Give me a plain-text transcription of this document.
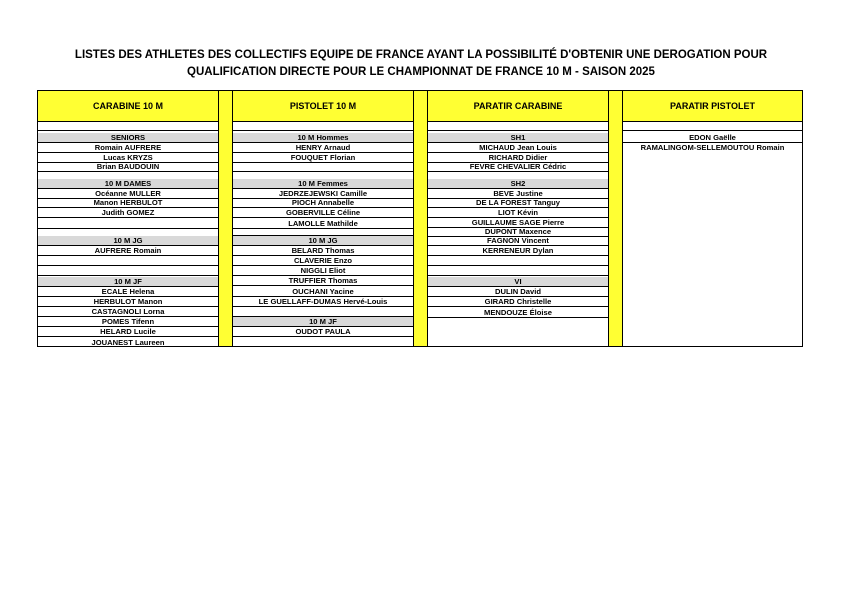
LISTES DES ATHLETES DES COLLECTIFS EQUIPE DE FRANCE AYANT LA POSSIBILITÉ D'OBTENIR UNE DEROGATION POUR
QUALIFICATION DIRECTE POUR LE CHAMPIONNAT DE FRANCE 10 M - SAISON 2025
CARABINE 10 M
SENIORS
Romain AUFRERE
Lucas KRYZS
Brian BAUDOUIN
10 M DAMES
Océanne MULLER
Manon HERBULOT
Judith GOMEZ
10 M JG
AUFRERE Romain
10 M JF
ECALE Helena
HERBULOT Manon
CASTAGNOLI Lorna
POMES Tifenn
HELARD Lucile
JOUANEST Laureen
PISTOLET 10 M
10 M Hommes
HENRY Arnaud
FOUQUET Florian
10 M Femmes
JEDRZEJEWSKI Camille
PIOCH Annabelle
GOBERVILLE Céline
LAMOLLE Mathilde
10 M JG
BELARD Thomas
CLAVERIE Enzo
NIGGLI Eliot
TRUFFIER Thomas
OUCHANI Yacine
LE GUELLAFF-DUMAS Hervé-Louis
10 M JF
OUDOT PAULA
PARATIR CARABINE
SH1
MICHAUD Jean Louis
RICHARD Didier
FEVRE CHEVALIER Cédric
SH2
BEVE Justine
DE LA FOREST Tanguy
LIOT Kévin
GUILLAUME SAGE Pierre
DUPONT Maxence
FAGNON Vincent
KERRENEUR Dylan
VI
DULIN David
GIRARD Christelle
MENDOUZE Éloise
PARATIR PISTOLET
EDON Gaëlle
RAMALINGOM-SELLEMOUTOU Romain
